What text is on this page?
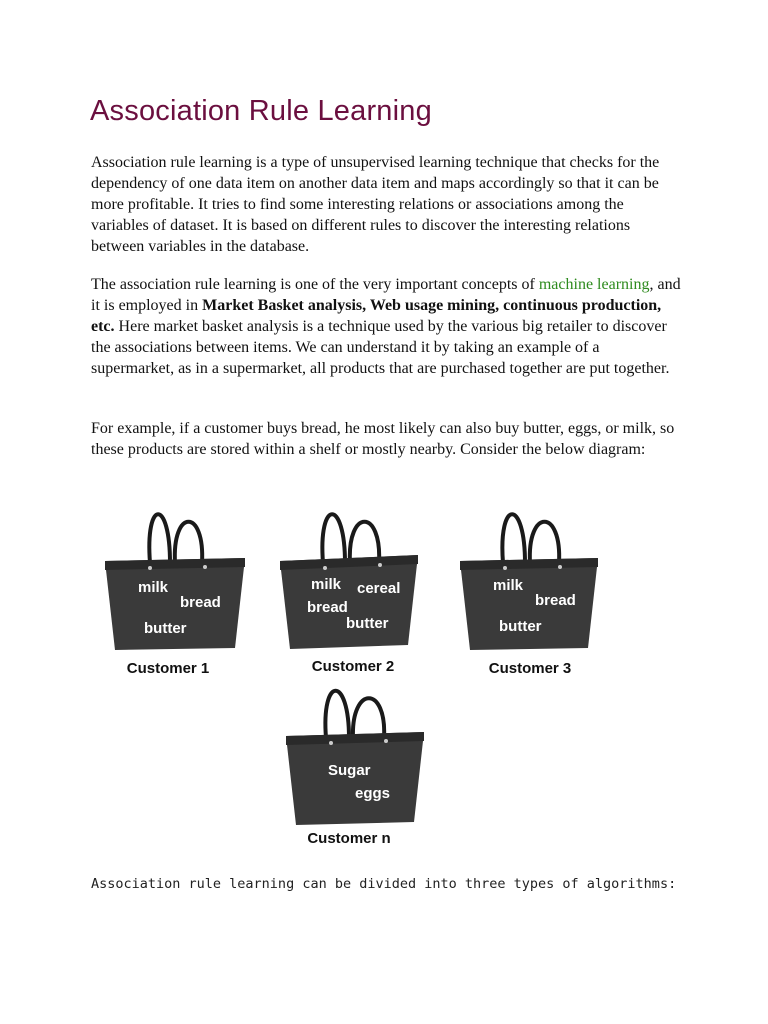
Association Rule Learning

Association rule learning is a type of unsupervised learning technique that checks for the dependency of one data item on another data item and maps accordingly so that it can be more profitable. It tries to find some interesting relations or associations among the variables of dataset. It is based on different rules to discover the interesting relations between variables in the database.

The association rule learning is one of the very important concepts of machine learning, and it is employed in Market Basket analysis, Web usage mining, continuous production, etc. Here market basket analysis is a technique used by the various big retailer to discover the associations between items. We can understand it by taking an example of a supermarket, as in a supermarket, all products that are purchased together are put together.

For example, if a customer buys bread, he most likely can also buy butter, eggs, or milk, so these products are stored within a shelf or mostly nearby. Consider the below diagram:

milk
bread
butter
Customer 1
milk cereal
bread
butter
Customer 2
milk
bread
butter
Customer 3
Sugar
eggs
Customer n

Association rule learning can be divided into three types of algorithms:
